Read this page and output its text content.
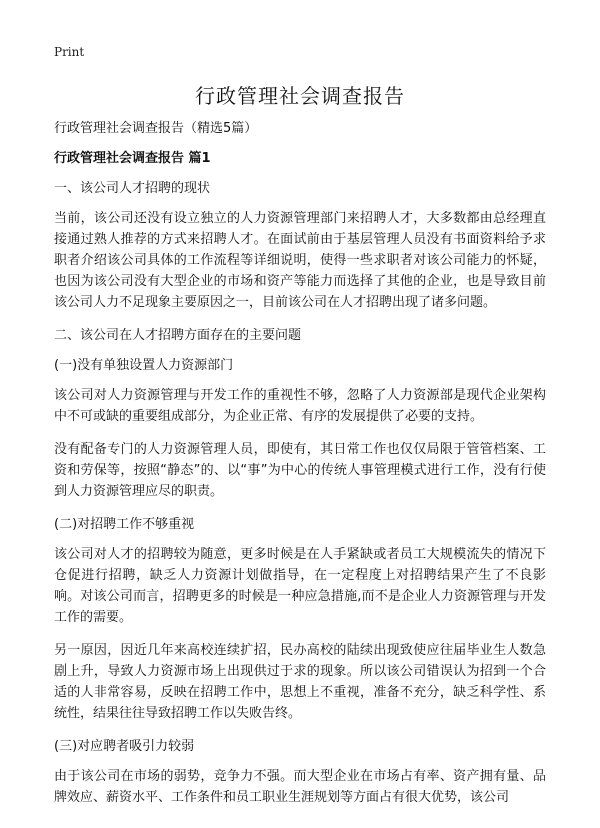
Print
行政管理社会调查报告

行政管理社会调查报告（精选5篇）

行政管理社会调查报告 篇1

一、该公司人才招聘的现状

当前，该公司还没有设立独立的人力资源管理部门来招聘人才，大多数都由总经理直接通过熟人推荐的方式来招聘人才。在面试前由于基层管理人员没有书面资料给予求职者介绍该公司具体的工作流程等详细说明，使得一些求职者对该公司能力的怀疑，也因为该公司没有大型企业的市场和资产等能力而选择了其他的企业，也是导致目前该公司人力不足现象主要原因之一，目前该公司在人才招聘出现了诸多问题。

二、该公司在人才招聘方面存在的主要问题

(一)没有单独设置人力资源部门

该公司对人力资源管理与开发工作的重视性不够，忽略了人力资源部是现代企业架构中不可或缺的重要组成部分，为企业正常、有序的发展提供了必要的支持。

没有配备专门的人力资源管理人员，即使有，其日常工作也仅仅局限于管管档案、工资和劳保等，按照“静态”的、以“事”为中心的传统人事管理模式进行工作，没有行使到人力资源管理应尽的职责。

(二)对招聘工作不够重视

该公司对人才的招聘较为随意，更多时候是在人手紧缺或者员工大规模流失的情况下仓促进行招聘，缺乏人力资源计划做指导，在一定程度上对招聘结果产生了不良影响。对该公司而言，招聘更多的时候是一种应急措施,而不是企业人力资源管理与开发工作的需要。

另一原因，因近几年来高校连续扩招，民办高校的陆续出现致使应往届毕业生人数急剧上升，导致人力资源市场上出现供过于求的现象。所以该公司错误认为招到一个合适的人非常容易，反映在招聘工作中，思想上不重视，准备不充分，缺乏科学性、系统性，结果往往导致招聘工作以失败告终。

(三)对应聘者吸引力较弱

由于该公司在市场的弱势，竞争力不强。而大型企业在市场占有率、资产拥有量、品牌效应、薪资水平、工作条件和员工职业生涯规划等方面占有很大优势，该公司
